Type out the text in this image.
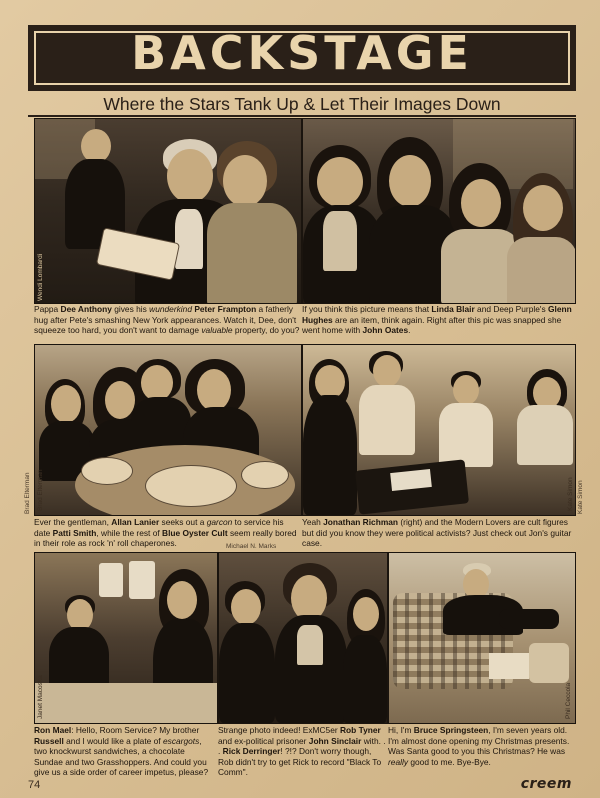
BACKSTAGE
Where the Stars Tank Up & Let Their Images Down
Wendi Lombardi
Pappa Dee Anthony gives his wunderkind Peter Frampton a fatherly hug after Pete's smashing New York appearances. Watch it, Dee, don't squeeze too hard, you don't want to damage valuable property, do you?
If you think this picture means that Linda Blair and Deep Purple's Glenn Hughes are an item, think again. Right after this pic was snapped she went home with John Oates.
Brad Elterman	Kate Simon
Brad Elterman	Kate Simon
Ever the gentleman, Allan Lanier seeks out a garcon to service his date Patti Smith, while the rest of Blue Oyster Cult seem really bored in their role as rock 'n' roll chaperones.
Yeah Jonathan Richman (right) and the Modern Lovers are cult figures but did you know they were political activists? Just check out Jon's guitar case.
Michael N. Marks
Janet Macoska	Phil Ceccola
Ron Mael: Hello, Room Service? My brother Russell and I would like a plate of escargots, two knockwurst sandwiches, a chocolate Sundae and two Grasshoppers. And could you give us a side order of career impetus, please?
Strange photo indeed! ExMC5er Rob Tyner and ex-political prisoner John Sinclair with. . . Rick Derringer! ?!? Don't worry though, Rob didn't try to get Rick to record "Black To Comm".
Hi, I'm Bruce Springsteen, I'm seven years old. I'm almost done opening my Christmas presents. Was Santa good to you this Christmas? He was really good to me. Bye-Bye.
74	creem
